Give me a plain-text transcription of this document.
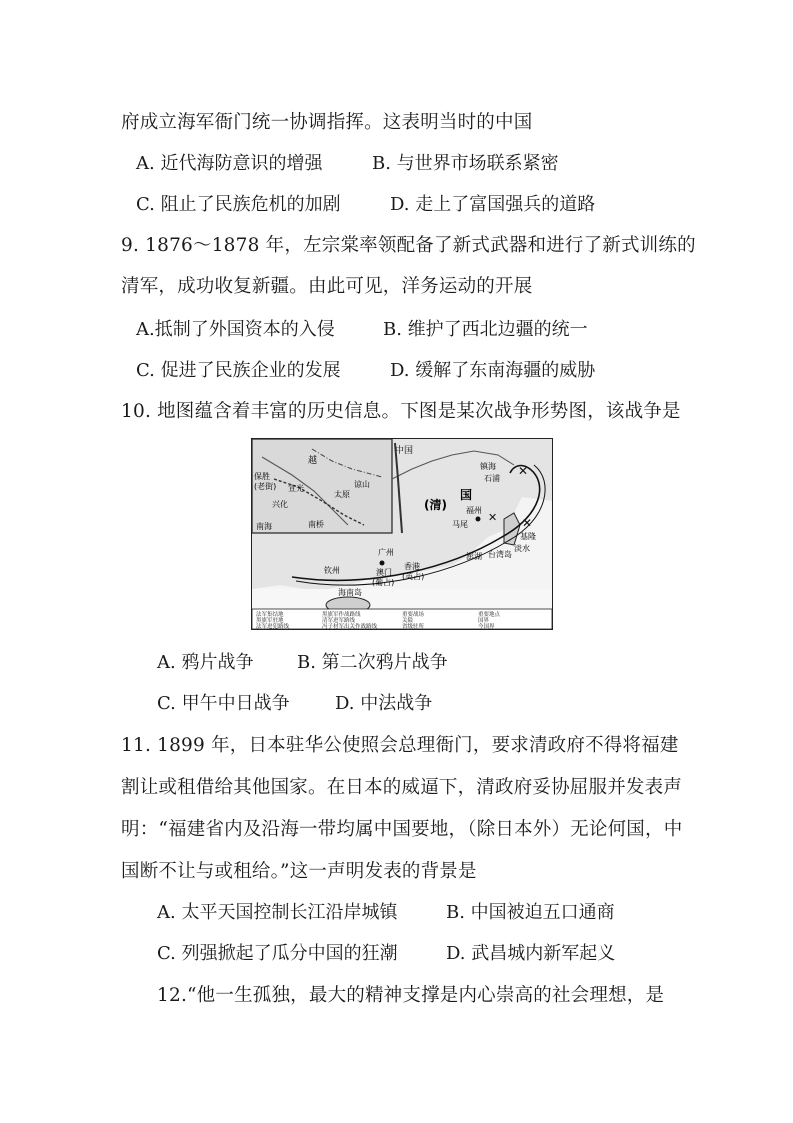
府成立海军衙门统一协调指挥。这表明当时的中国
A. 近代海防意识的增强	B. 与世界市场联系紧密
C. 阻止了民族危机的加剧	D. 走上了富国强兵的道路
9. 1876～1878 年，左宗棠率领配备了新式武器和进行了新式训练的
清军，成功收复新疆。由此可见，洋务运动的开展
A.抵制了外国资本的入侵	B. 维护了西北边疆的统一
C. 促进了民族企业的发展	D. 缓解了东南海疆的威胁
10. 地图蕴含着丰富的历史信息。下图是某次战争形势图，该战争是
✕
✕
✕
中国
(清)
国
镇海
石浦
福州
马尾
基隆
淡水
台湾岛
澎湖
广州
香港
(英占)
澳门
(葡占)
钦州
海南岛
越
保胜
(老街) 宣光
兴化
太原
谅山
南桥
南海
法军集结地	黑旗军作战路线	重要战场	重要地点
黑旗军驻地	清军进军路线	关隘	国界
法军进犯路线	冯子材军出关作战路线	省级驻所	今国界
A. 鸦片战争 B. 第二次鸦片战争
C. 甲午中日战争	D. 中法战争
11. 1899 年，日本驻华公使照会总理衙门，要求清政府不得将福建
割让或租借给其他国家。在日本的威逼下，清政府妥协屈服并发表声
明：“福建省内及沿海一带均属中国要地，（除日本外）无论何国，中
国断不让与或租给。”这一声明发表的背景是
A. 太平天国控制长江沿岸城镇	B. 中国被迫五口通商
C. 列强掀起了瓜分中国的狂潮	D. 武昌城内新军起义
12.“他一生孤独，最大的精神支撑是内心崇高的社会理想，是
